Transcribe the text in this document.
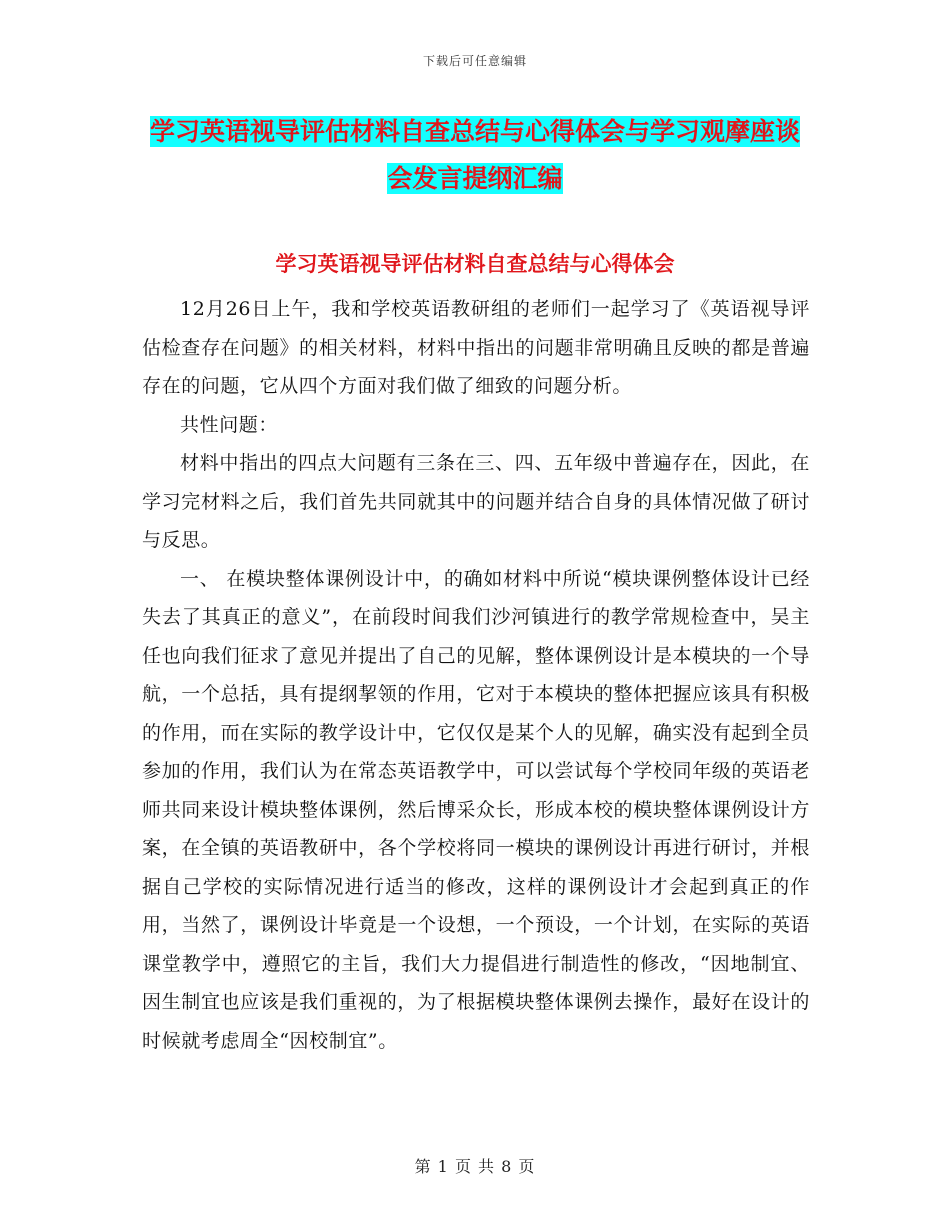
下载后可任意编辑
学习英语视导评估材料自查总结与心得体会与学习观摩座谈会发言提纲汇编
学习英语视导评估材料自查总结与心得体会

12月26日上午，我和学校英语教研组的老师们一起学习了《英语视导评估检查存在问题》的相关材料，材料中指出的问题非常明确且反映的都是普遍存在的问题，它从四个方面对我们做了细致的问题分析。

共性问题：

材料中指出的四点大问题有三条在三、四、五年级中普遍存在，因此，在学习完材料之后，我们首先共同就其中的问题并结合自身的具体情况做了研讨与反思。

一、 在模块整体课例设计中，的确如材料中所说“模块课例整体设计已经失去了其真正的意义”，在前段时间我们沙河镇进行的教学常规检查中，吴主任也向我们征求了意见并提出了自己的见解，整体课例设计是本模块的一个导航，一个总括，具有提纲挈领的作用，它对于本模块的整体把握应该具有积极的作用，而在实际的教学设计中，它仅仅是某个人的见解，确实没有起到全员参加的作用，我们认为在常态英语教学中，可以尝试每个学校同年级的英语老师共同来设计模块整体课例，然后博采众长，形成本校的模块整体课例设计方案，在全镇的英语教研中，各个学校将同一模块的课例设计再进行研讨，并根据自己学校的实际情况进行适当的修改，这样的课例设计才会起到真正的作用，当然了，课例设计毕竟是一个设想，一个预设，一个计划，在实际的英语课堂教学中，遵照它的主旨，我们大力提倡进行制造性的修改，“因地制宜、因生制宜也应该是我们重视的，为了根据模块整体课例去操作，最好在设计的时候就考虑周全“因校制宜”。

第 1 页 共 8 页
